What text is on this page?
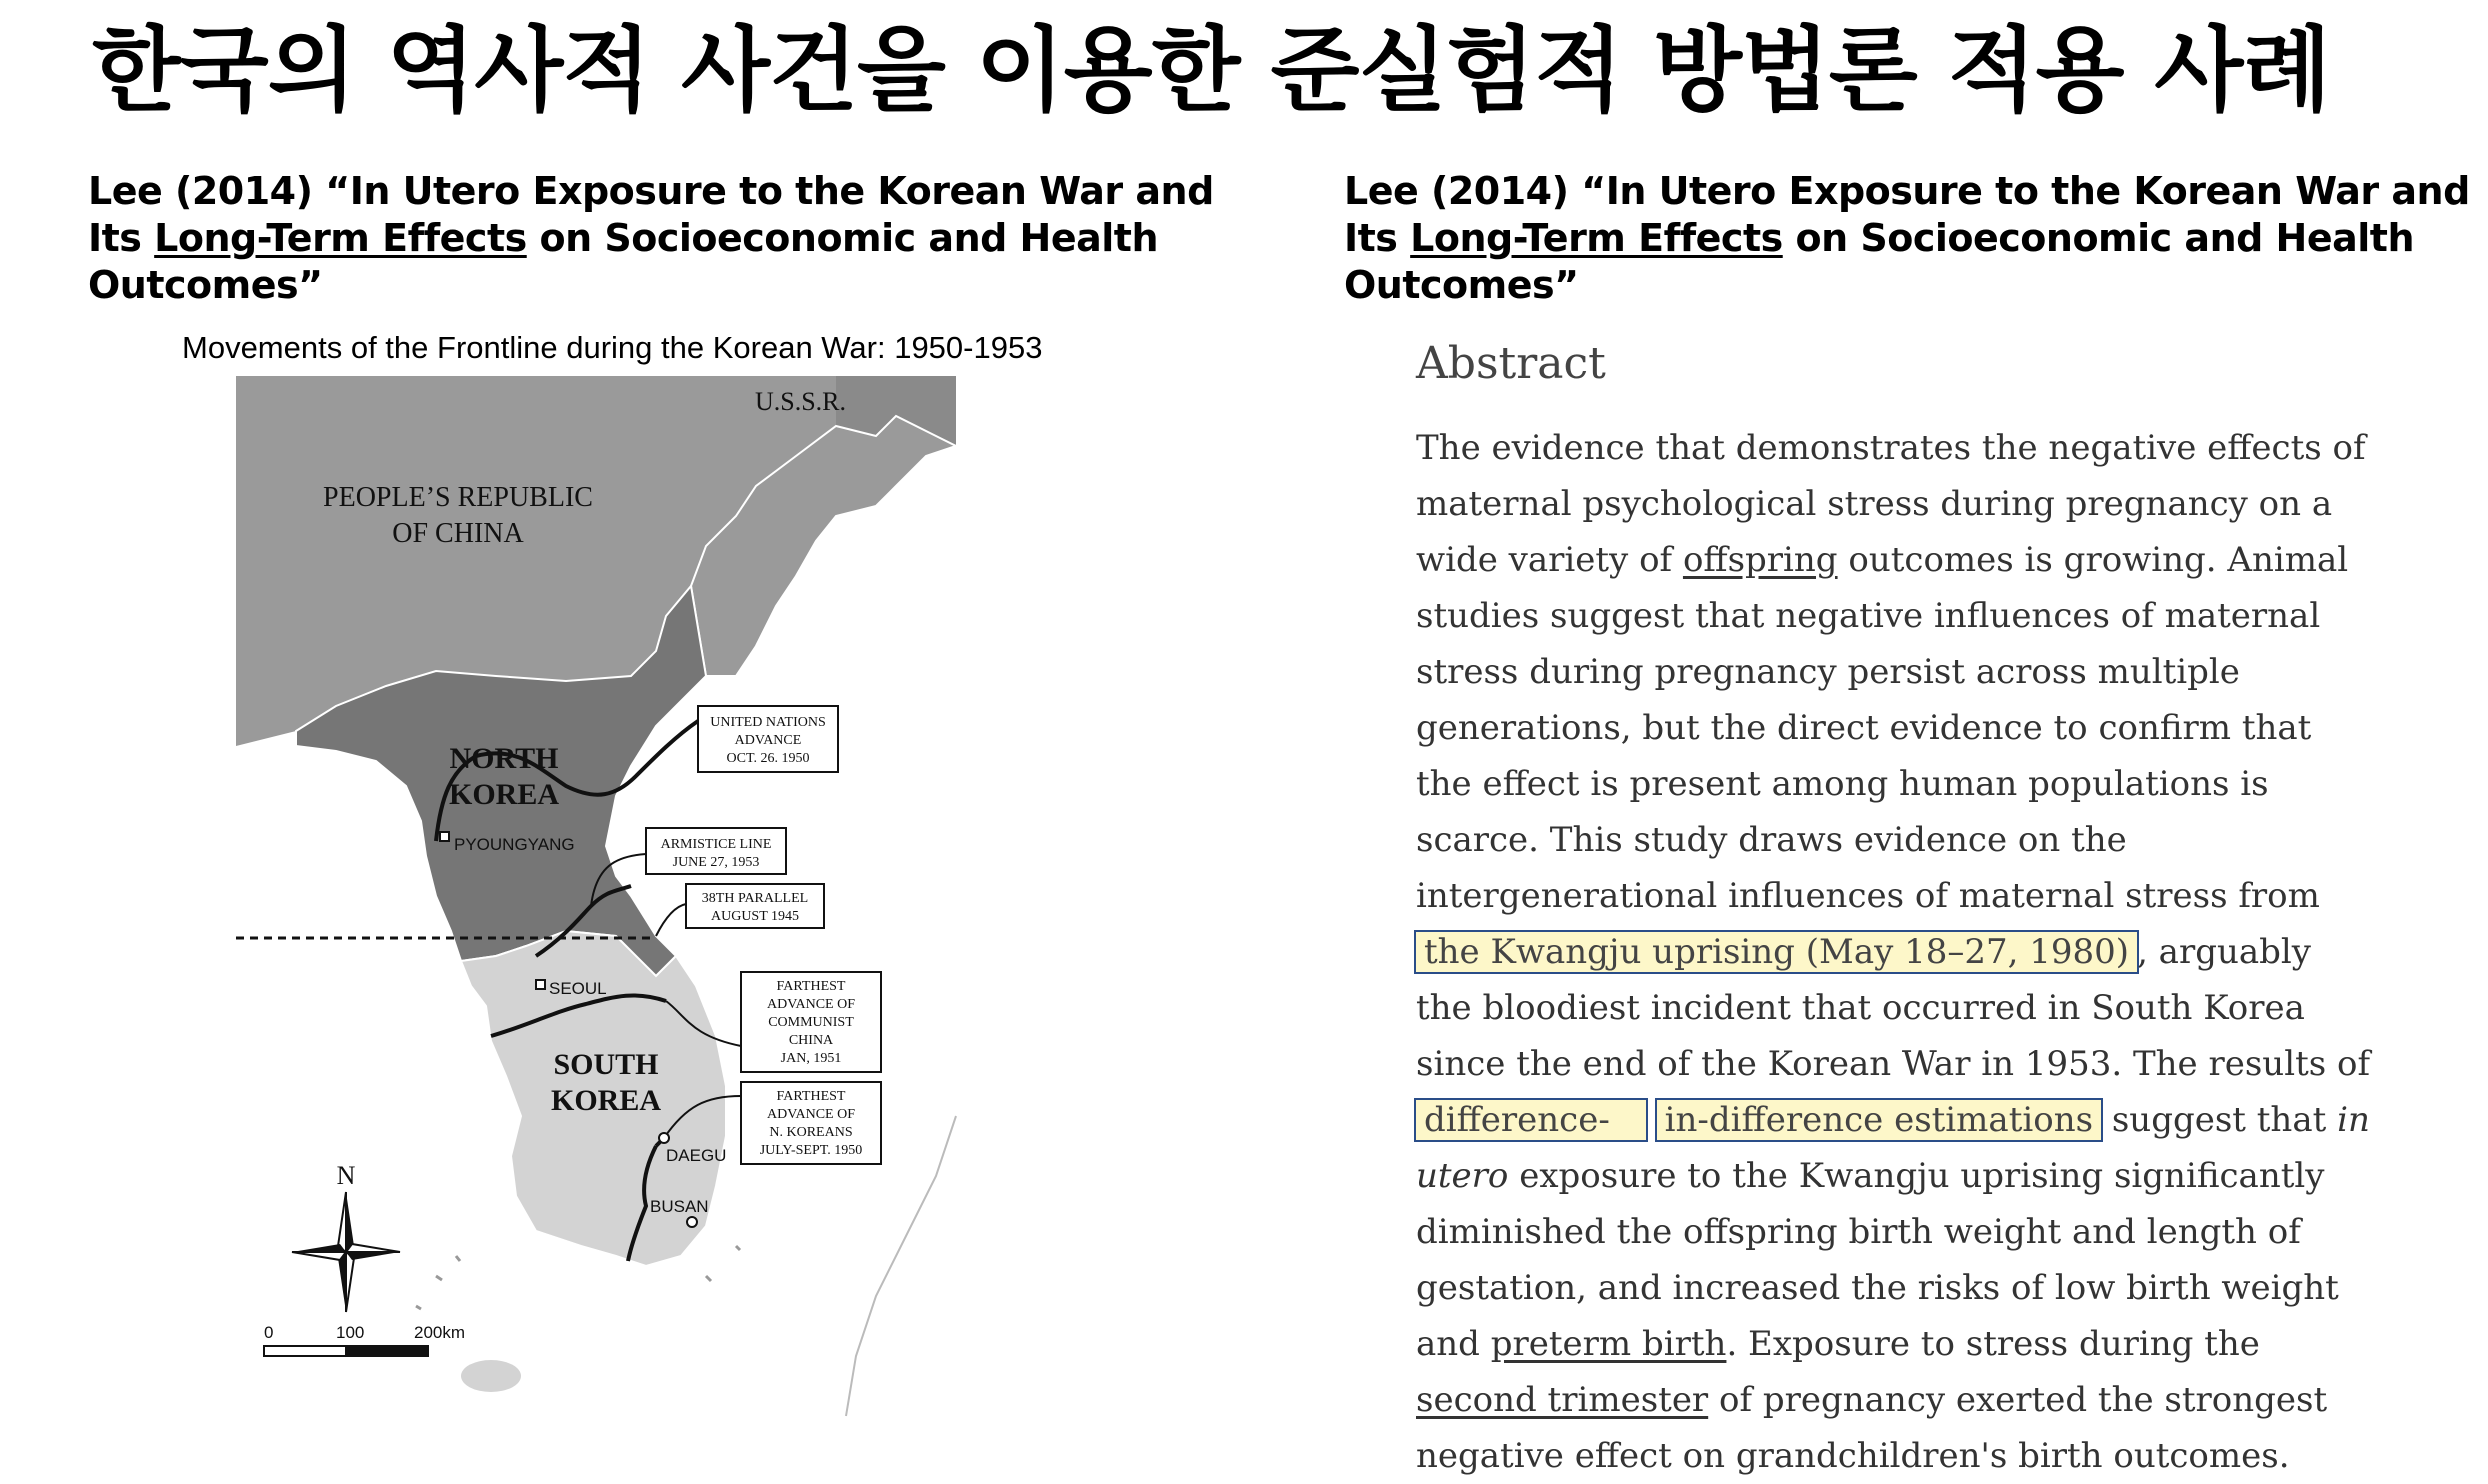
한국의 역사적 사건을 이용한 준실험적 방법론 적용 사례

Lee (2014) “In Utero Exposure to the Korean War and Its Long-Term Effects on Socioeconomic and Health Outcomes”

Lee (2014) “In Utero Exposure to the Korean War and Its Long-Term Effects on Socioeconomic and Health Outcomes”

Movements of the Frontline during the Korean War: 1950-1953

UNITED NATIONS
ADVANCE
OCT. 26. 1950
ARMISTICE LINE
JUNE 27, 1953
38TH PARALLEL
AUGUST 1945
FARTHEST
ADVANCE OF
COMMUNIST
CHINA
JAN, 1951
FARTHEST
ADVANCE OF
N. KOREANS
JULY-SEPT. 1950
U.S.S.R.
PEOPLE’S REPUBLIC
OF CHINA
NORTH
KOREA
SOUTH
KOREA
PYOUNGYANG
SEOUL
DAEGU
BUSAN
N
0	100	200km
Abstract

The evidence that demonstrates the negative effects of maternal psychological stress during pregnancy on a wide variety of offspring outcomes is growing. Animal studies suggest that negative influences of maternal stress during pregnancy persist across multiple generations, but the direct evidence to confirm that the effect is present among human populations is scarce. This study draws evidence on the intergenerational influences of maternal stress from the Kwangju uprising (May 18–27, 1980) , arguably the bloodiest incident that occurred in South Korea since the end of the Korean War in 1953. The results of difference- in-difference estimations suggest that in utero exposure to the Kwangju uprising significantly diminished the offspring birth weight and length of gestation, and increased the risks of low birth weight and preterm birth. Exposure to stress during the second trimester of pregnancy exerted the strongest negative effect on grandchildren's birth outcomes.
